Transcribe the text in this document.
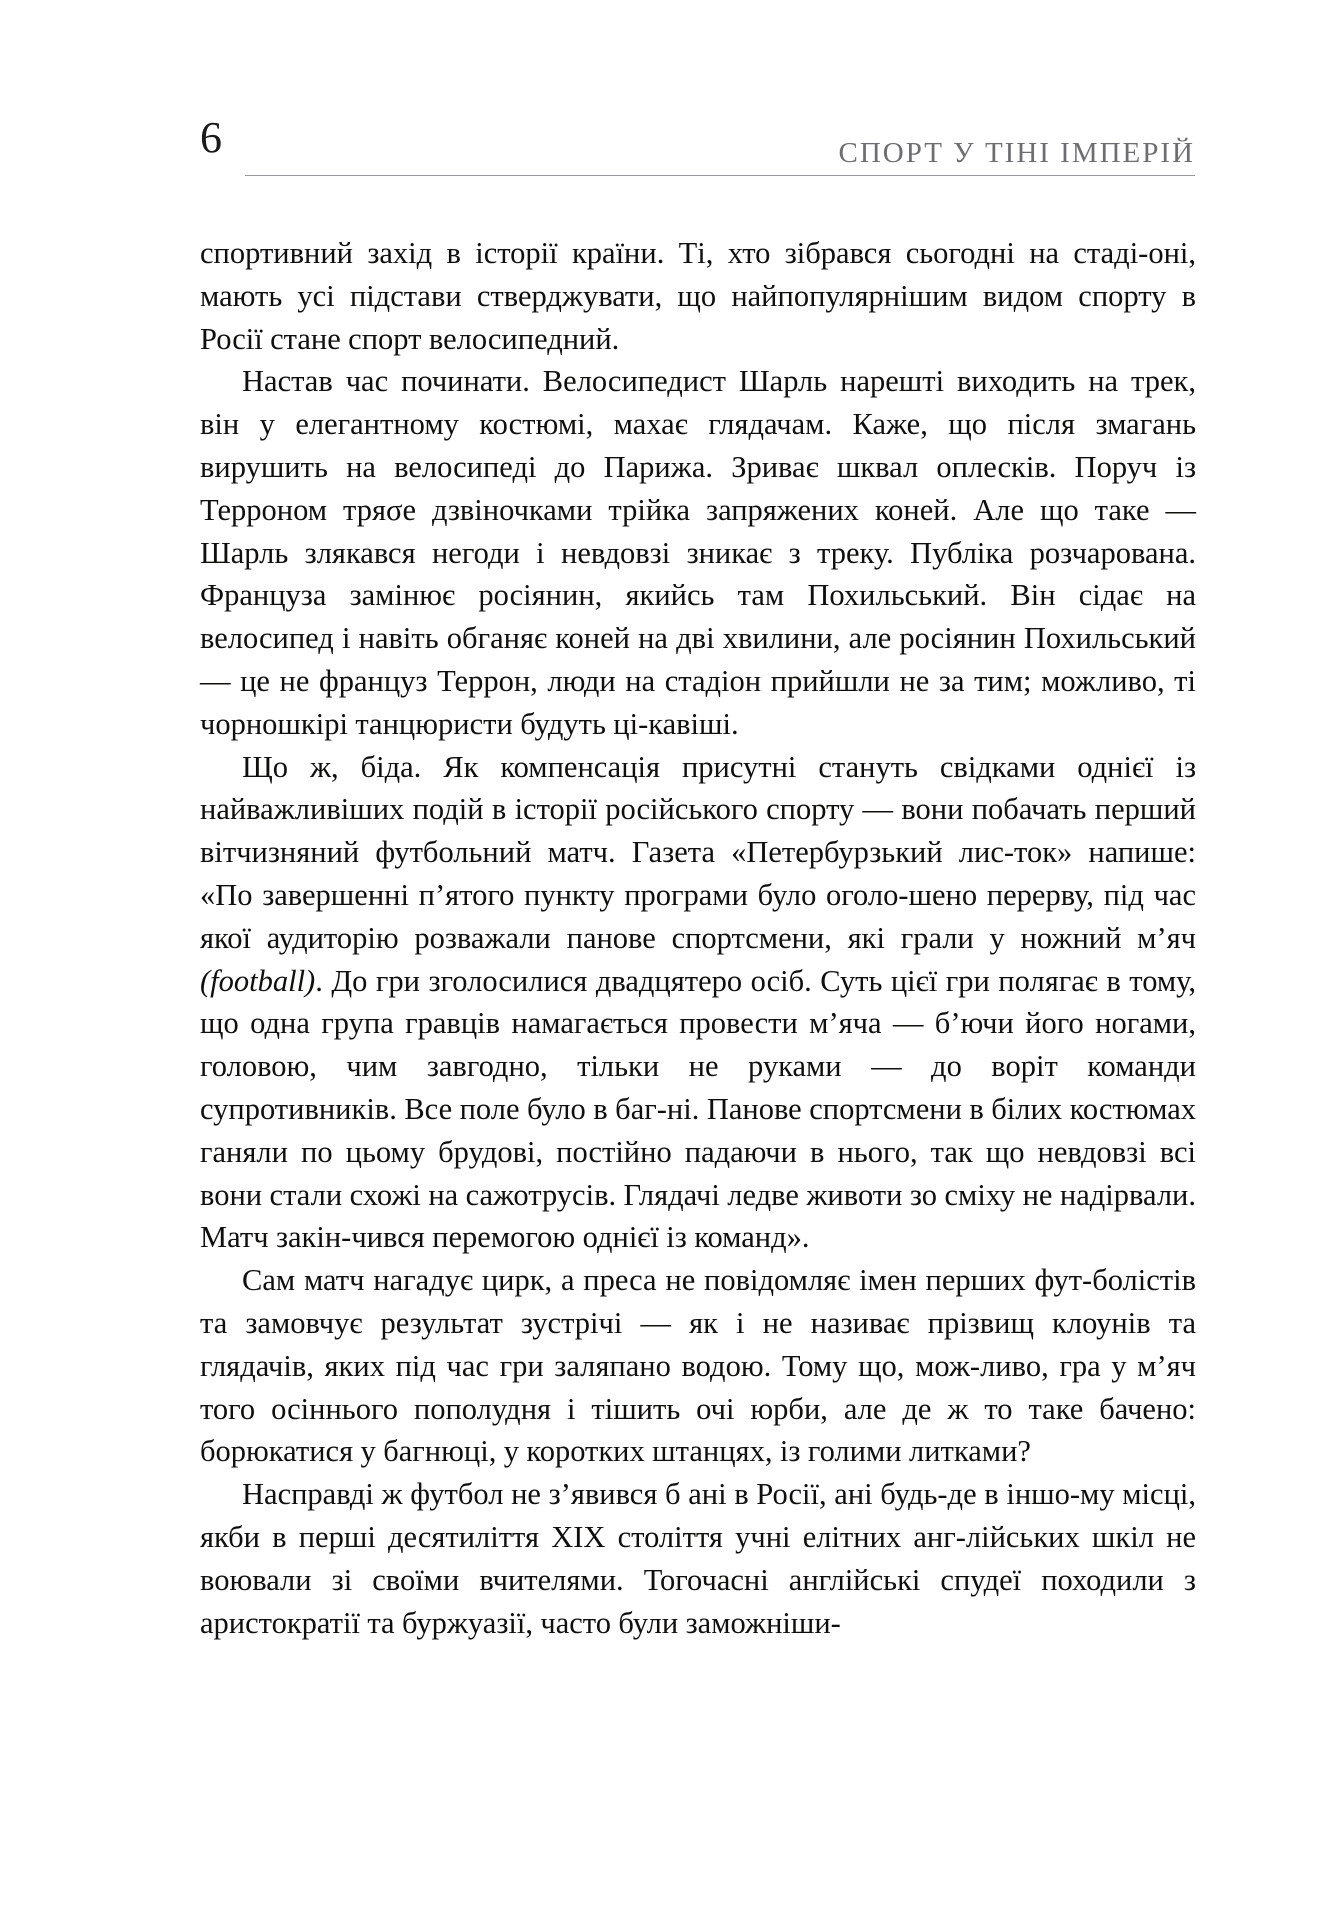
6	СПОРТ У ТІНІ ІМПЕРІЙ

спортивний захід в історії країни. Ті, хто зібрався сьогодні на стаді-оні, мають усі підстави стверджувати, що найпопулярнішим видом спорту в Росії стане спорт велосипедний.

Настав час починати. Велосипедист Шарль нарешті виходить на трек, він у елегантному костюмі, махає глядачам. Каже, що після змагань вирушить на велосипеді до Парижа. Зриває шквал оплесків. Поруч із Терроном тряσе дзвіночками трійка запряжених коней. Але що таке — Шарль злякався негоди і невдовзі зникає з треку. Публіка розчарована. Француза замінює росіянин, якийсь там Похильський. Він сідає на велосипед і навіть обганяє коней на дві хвилини, але росіянин Похильський — це не француз Террон, люди на стадіон прийшли не за тим; можливо, ті чорношкірі танцюристи будуть ці-кавіші.

Що ж, біда. Як компенсація присутні стануть свідками однієї із найважливіших подій в історії російського спорту — вони побачать перший вітчизняний футбольний матч. Газета «Петербурзький лис-ток» напише: «По завершенні п’ятого пункту програми було оголо-шено перерву, під час якої аудиторію розважали панове спортсмени, які грали у ножний м’яч (football). До гри зголосилися двадцятеро осіб. Суть цієї гри полягає в тому, що одна група гравців намагається провести м’яча — б’ючи його ногами, головою, чим завгодно, тільки не руками — до воріт команди супротивників. Все поле було в баг-ні. Панове спортсмени в білих костюмах ганяли по цьому брудові, постійно падаючи в нього, так що невдовзі всі вони стали схожі на сажотрусів. Глядачі ледве животи зо сміху не надірвали. Матч закін-чився перемогою однієї із команд».

Сам матч нагадує цирк, а преса не повідомляє імен перших фут-болістів та замовчує результат зустрічі — як і не називає прізвищ клоунів та глядачів, яких під час гри заляпано водою. Тому що, мож-ливо, гра у м’яч того осіннього пополудня і тішить очі юрби, але де ж то таке бачено: борюкатися у багнюці, у коротких штанцях, із голими литками?

Насправді ж футбол не з’явився б ані в Росії, ані будь-де в іншо-му місці, якби в перші десятиліття XIX століття учні елітних анг-лійських шкіл не воювали зі своїми вчителями. Тогочасні англійські спудеї походили з аристократії та буржуазії, часто були заможніши-
